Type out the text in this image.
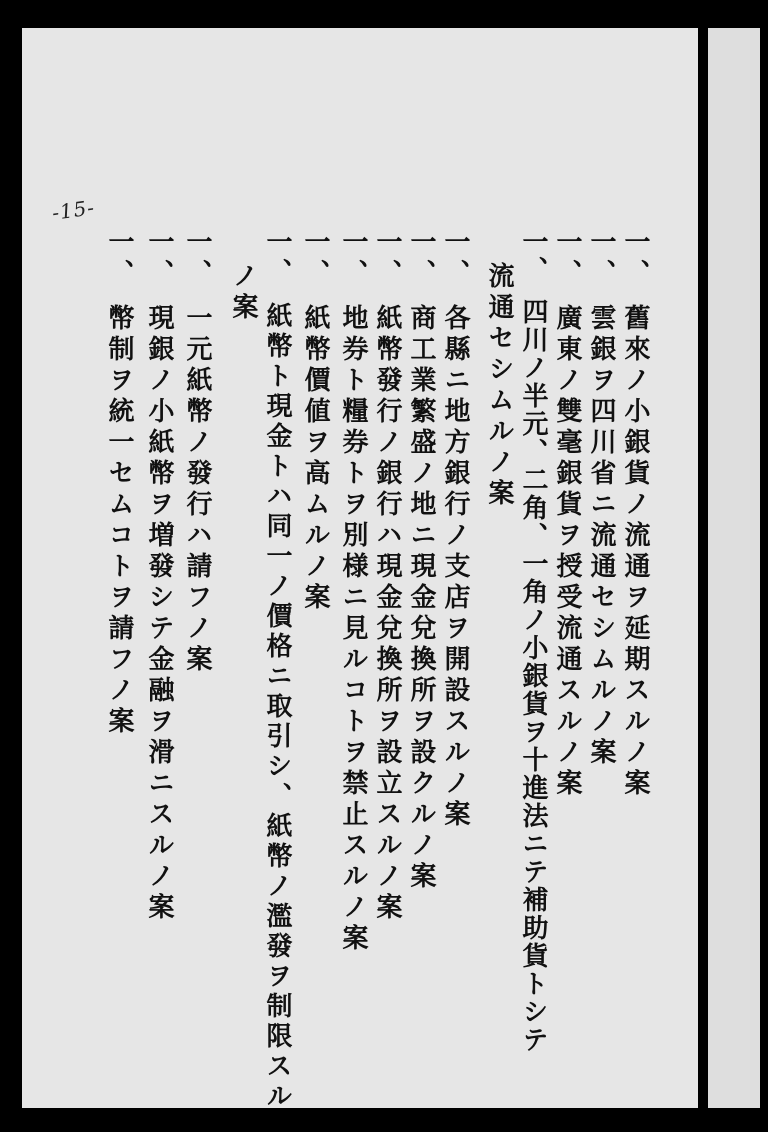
-15-
一、舊來ノ小銀貨ノ流通ヲ延期スルノ案
一、雲銀ヲ四川省ニ流通セシムルノ案
一、廣東ノ雙毫銀貨ヲ授受流通スルノ案
一、四川ノ半元、二角、一角ノ小銀貨ヲ十進法ニテ補助貨トシテ
流通セシムルノ案
一、各縣ニ地方銀行ノ支店ヲ開設スルノ案
一、商工業繁盛ノ地ニ現金兌換所ヲ設クルノ案
一、紙幣發行ノ銀行ハ現金兌換所ヲ設立スルノ案
一、地券ト糧券トヲ別様ニ見ルコトヲ禁止スルノ案
一、紙幣價値ヲ高ムルノ案
一、紙幣ト現金トハ同一ノ價格ニ取引シ、紙幣ノ濫發ヲ制限スル
ノ案
一、一元紙幣ノ發行ハ請フノ案
一、現銀ノ小紙幣ヲ増發シテ金融ヲ滑ニスルノ案
一、幣制ヲ統一セムコトヲ請フノ案
